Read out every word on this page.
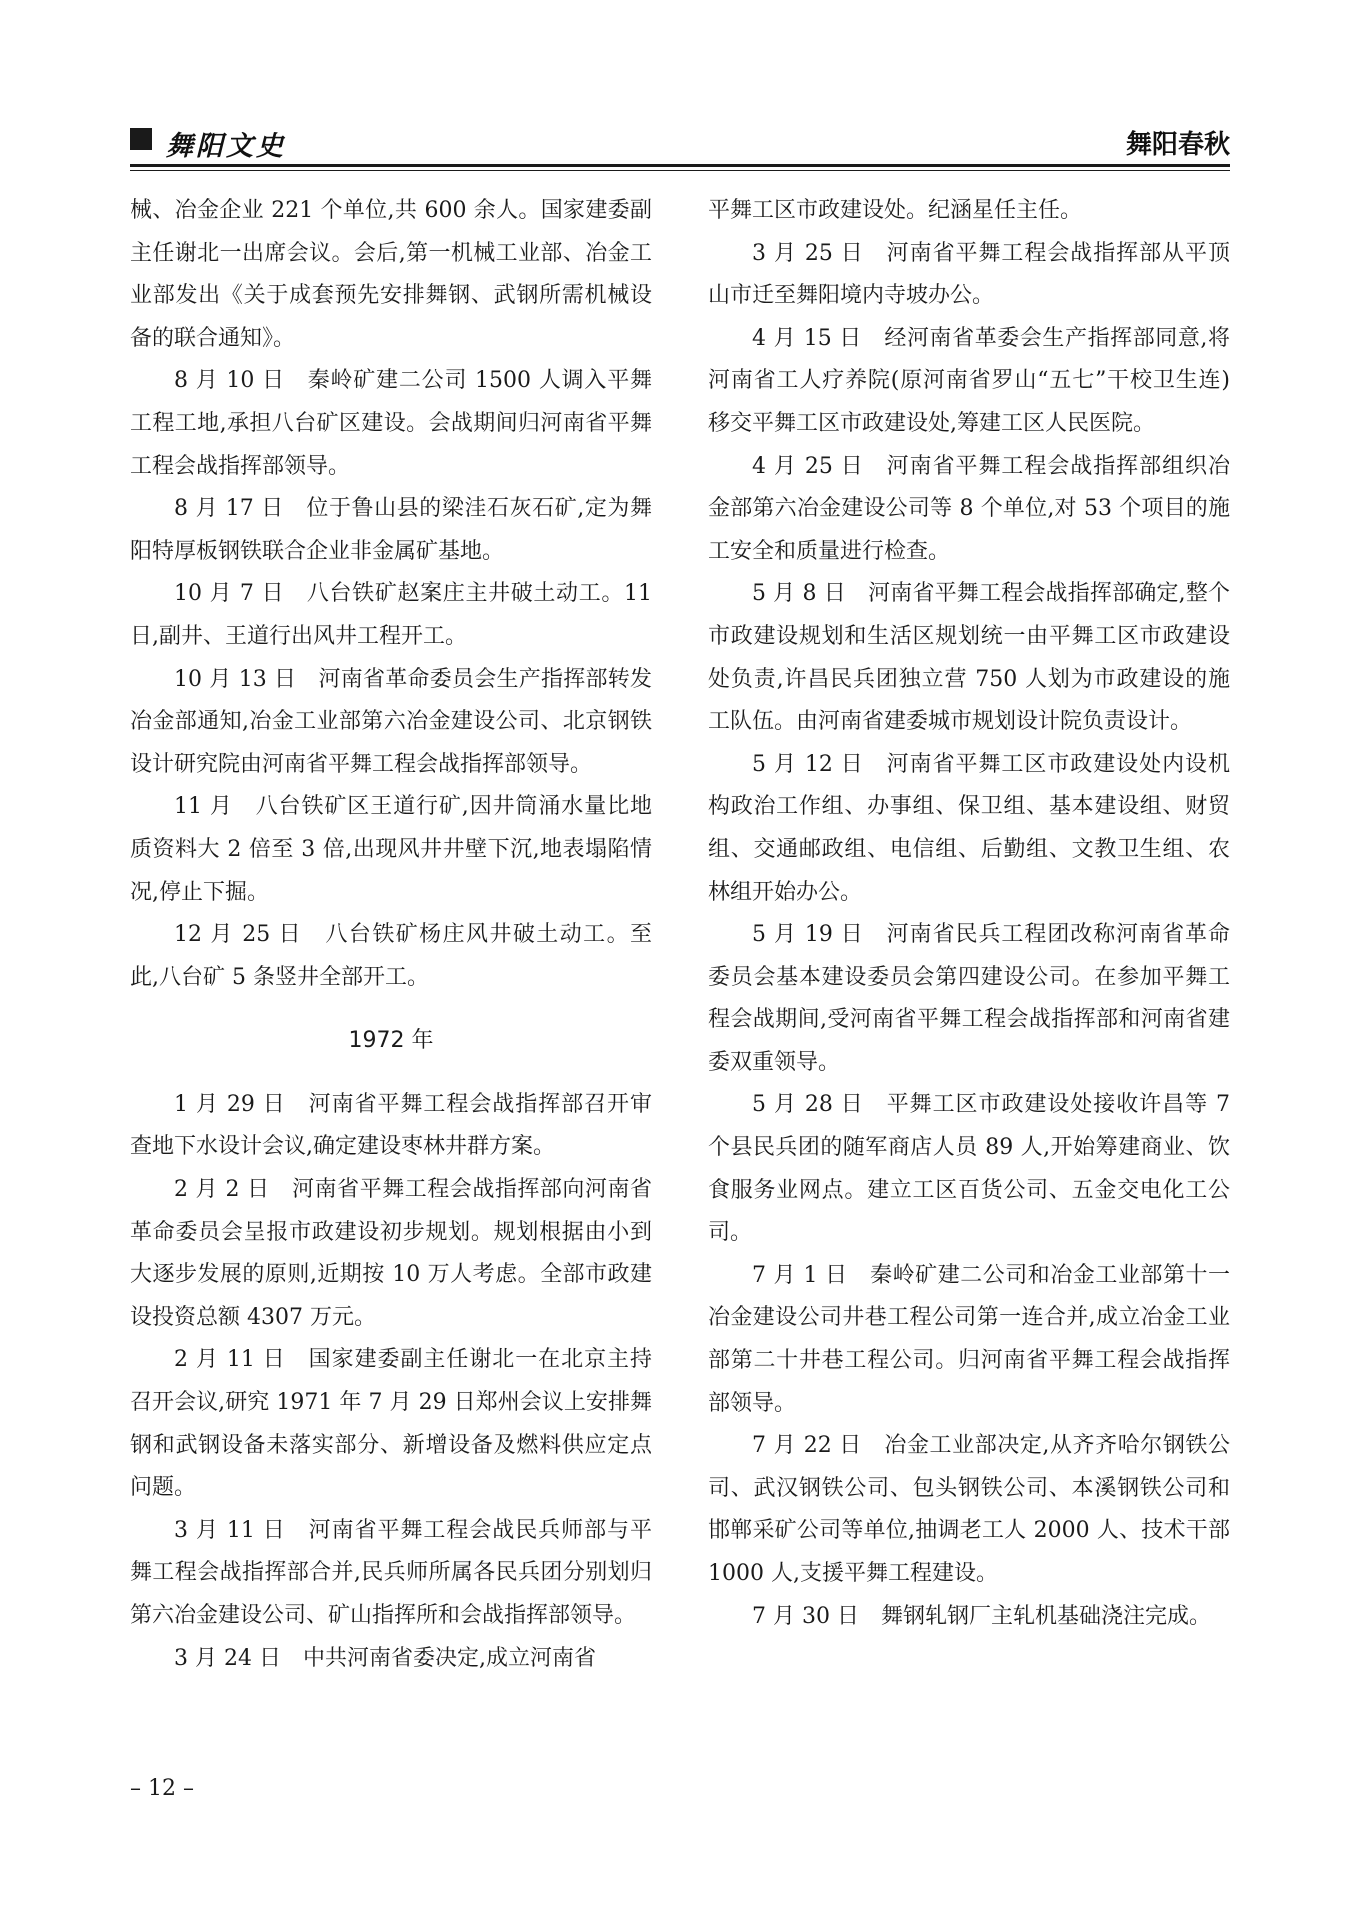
舞阳文史	舞阳春秋

械、冶金企业 221 个单位,共 600 余人。国家建委副主任谢北一出席会议。会后,第一机械工业部、冶金工业部发出《关于成套预先安排舞钢、武钢所需机械设备的联合通知》。

8 月 10 日　秦岭矿建二公司 1500 人调入平舞工程工地,承担八台矿区建设。会战期间归河南省平舞工程会战指挥部领导。

8 月 17 日　位于鲁山县的梁洼石灰石矿,定为舞阳特厚板钢铁联合企业非金属矿基地。

10 月 7 日　八台铁矿赵案庄主井破土动工。11 日,副井、王道行出风井工程开工。

10 月 13 日　河南省革命委员会生产指挥部转发冶金部通知,冶金工业部第六冶金建设公司、北京钢铁设计研究院由河南省平舞工程会战指挥部领导。

11 月　八台铁矿区王道行矿,因井筒涌水量比地质资料大 2 倍至 3 倍,出现风井井壁下沉,地表塌陷情况,停止下掘。

12 月 25 日　八台铁矿杨庄风井破土动工。至此,八台矿 5 条竖井全部开工。

1972 年

1 月 29 日　河南省平舞工程会战指挥部召开审查地下水设计会议,确定建设枣林井群方案。

2 月 2 日　河南省平舞工程会战指挥部向河南省革命委员会呈报市政建设初步规划。规划根据由小到大逐步发展的原则,近期按 10 万人考虑。全部市政建设投资总额 4307 万元。

2 月 11 日　国家建委副主任谢北一在北京主持召开会议,研究 1971 年 7 月 29 日郑州会议上安排舞钢和武钢设备未落实部分、新增设备及燃料供应定点问题。

3 月 11 日　河南省平舞工程会战民兵师部与平舞工程会战指挥部合并,民兵师所属各民兵团分别划归第六冶金建设公司、矿山指挥所和会战指挥部领导。

3 月 24 日　中共河南省委决定,成立河南省

平舞工区市政建设处。纪涵星任主任。

3 月 25 日　河南省平舞工程会战指挥部从平顶山市迁至舞阳境内寺坡办公。

4 月 15 日　经河南省革委会生产指挥部同意,将河南省工人疗养院(原河南省罗山“五七”干校卫生连)移交平舞工区市政建设处,筹建工区人民医院。

4 月 25 日　河南省平舞工程会战指挥部组织冶金部第六冶金建设公司等 8 个单位,对 53 个项目的施工安全和质量进行检查。

5 月 8 日　河南省平舞工程会战指挥部确定,整个市政建设规划和生活区规划统一由平舞工区市政建设处负责,许昌民兵团独立营 750 人划为市政建设的施工队伍。由河南省建委城市规划设计院负责设计。

5 月 12 日　河南省平舞工区市政建设处内设机构政治工作组、办事组、保卫组、基本建设组、财贸组、交通邮政组、电信组、后勤组、文教卫生组、农林组开始办公。

5 月 19 日　河南省民兵工程团改称河南省革命委员会基本建设委员会第四建设公司。在参加平舞工程会战期间,受河南省平舞工程会战指挥部和河南省建委双重领导。

5 月 28 日　平舞工区市政建设处接收许昌等 7 个县民兵团的随军商店人员 89 人,开始筹建商业、饮食服务业网点。建立工区百货公司、五金交电化工公司。

7 月 1 日　秦岭矿建二公司和冶金工业部第十一冶金建设公司井巷工程公司第一连合并,成立冶金工业部第二十井巷工程公司。归河南省平舞工程会战指挥部领导。

7 月 22 日　冶金工业部决定,从齐齐哈尔钢铁公司、武汉钢铁公司、包头钢铁公司、本溪钢铁公司和邯郸采矿公司等单位,抽调老工人 2000 人、技术干部 1000 人,支援平舞工程建设。

7 月 30 日　舞钢轧钢厂主轧机基础浇注完成。

– 12 –
